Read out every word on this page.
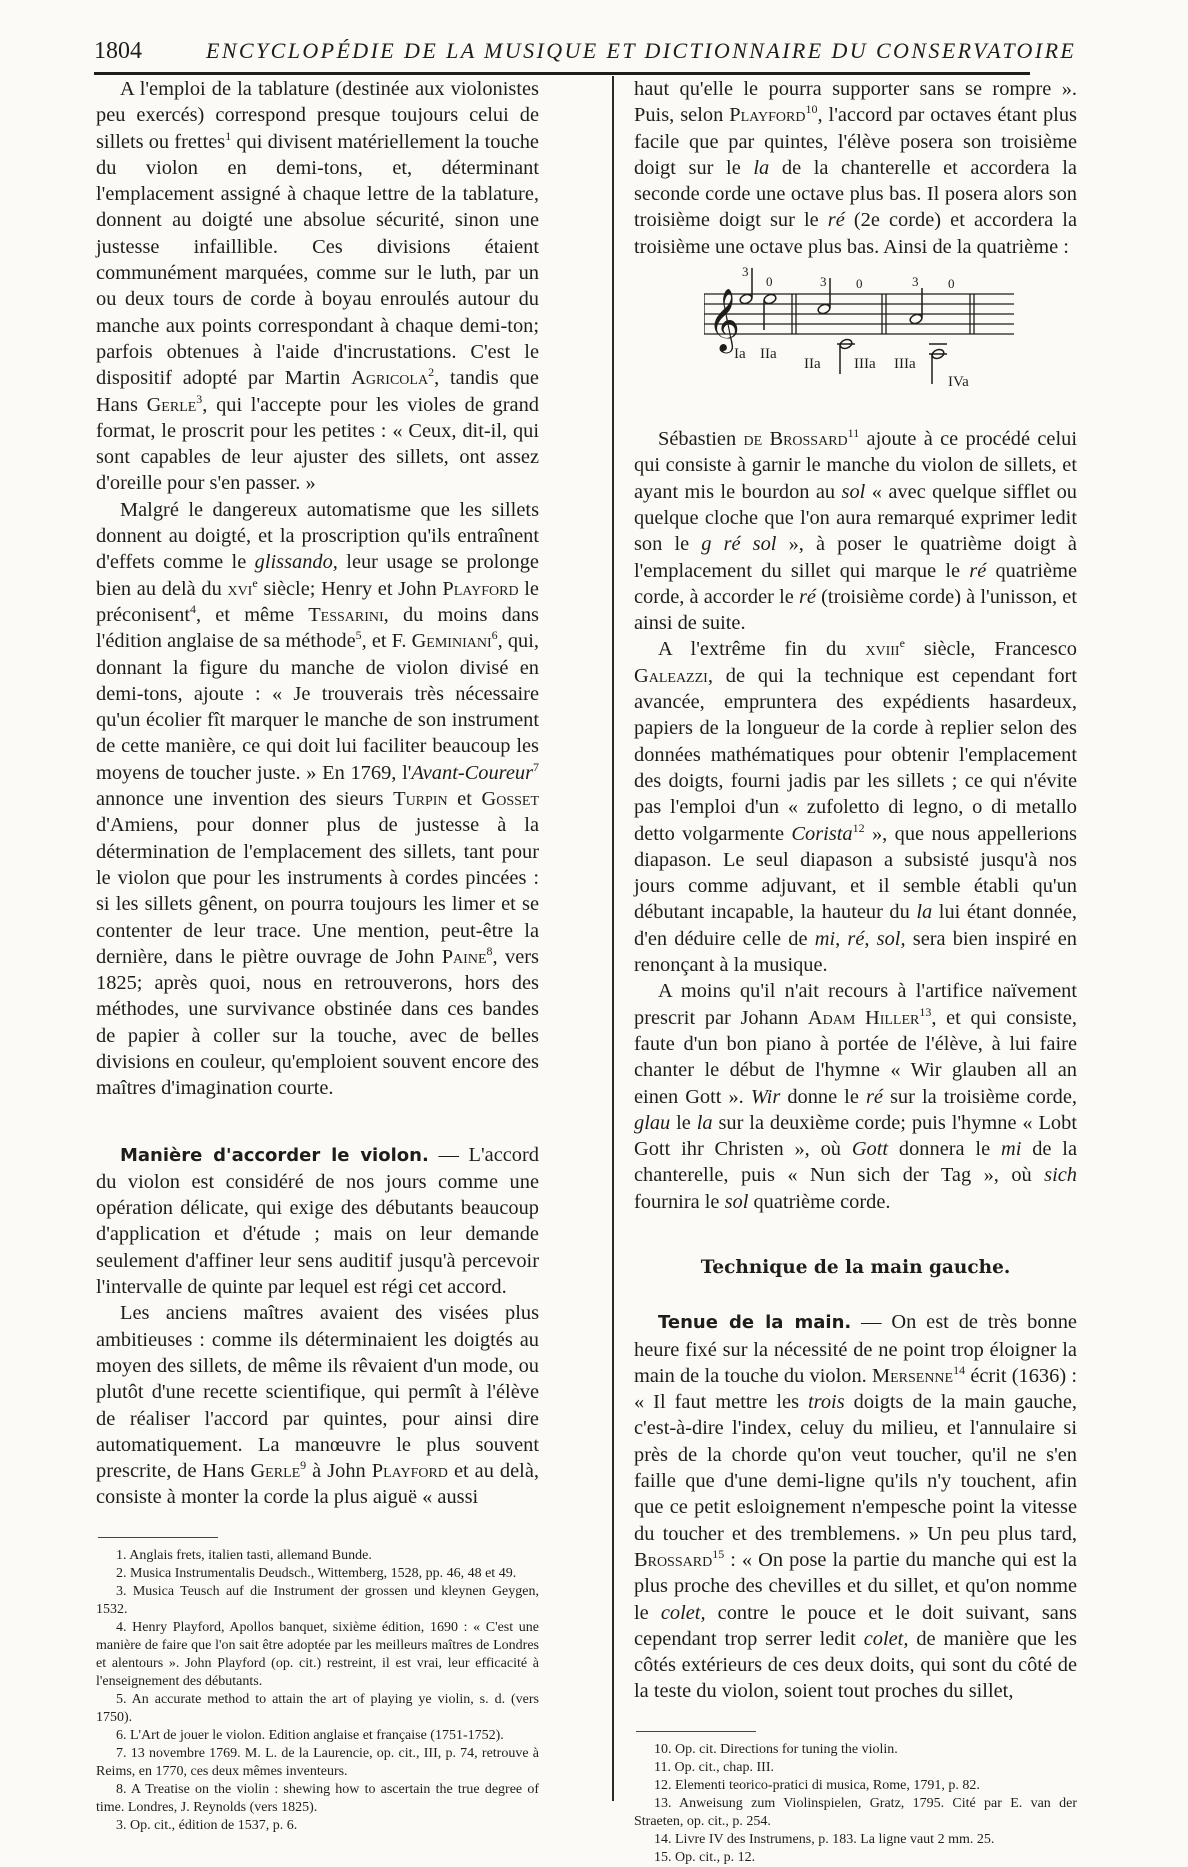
1804	ENCYCLOPÉDIE DE LA MUSIQUE ET DICTIONNAIRE DU CONSERVATOIRE

A l'emploi de la tablature (destinée aux violonistes peu exercés) correspond presque toujours celui de sillets ou frettes$^1$ qui divisent matériellement la touche du violon en demi-tons, et, déterminant l'emplacement assigné à chaque lettre de la tablature, donnent au doigté une absolue sécurité, sinon une justesse infaillible. Ces divisions étaient communément marquées, comme sur le luth, par un ou deux tours de corde à boyau enroulés autour du manche aux points correspondant à chaque demi-ton; parfois obtenues à l'aide d'incrustations. C'est le dispositif adopté par Martin Agricola$^2$, tandis que Hans Gerle$^3$, qui l'accepte pour les violes de grand format, le proscrit pour les petites : « Ceux, dit-il, qui sont capables de leur ajuster des sillets, ont assez d'oreille pour s'en passer. »

Malgré le dangereux automatisme que les sillets donnent au doigté, et la proscription qu'ils entraînent d'effets comme le glissando, leur usage se prolonge bien au delà du xvi$^e$ siècle; Henry et John Playford le préconisent$^4$, et même Tessarini, du moins dans l'édition anglaise de sa méthode$^5$, et F. Geminiani$^6$, qui, donnant la figure du manche de violon divisé en demi-tons, ajoute : « Je trouverais très nécessaire qu'un écolier fît marquer le manche de son instrument de cette manière, ce qui doit lui faciliter beaucoup les moyens de toucher juste. » En 1769, l'Avant-Coureur$^7$ annonce une invention des sieurs Turpin et Gosset d'Amiens, pour donner plus de justesse à la détermination de l'emplacement des sillets, tant pour le violon que pour les instruments à cordes pincées : si les sillets gênent, on pourra toujours les limer et se contenter de leur trace. Une mention, peut-être la dernière, dans le piètre ouvrage de John Paine$^8$, vers 1825; après quoi, nous en retrouverons, hors des méthodes, une survivance obstinée dans ces bandes de papier à coller sur la touche, avec de belles divisions en couleur, qu'emploient souvent encore des maîtres d'imagination courte.

Manière d'accorder le violon. — L'accord du violon est considéré de nos jours comme une opération délicate, qui exige des débutants beaucoup d'application et d'étude ; mais on leur demande seulement d'affiner leur sens auditif jusqu'à percevoir l'intervalle de quinte par lequel est régi cet accord.

Les anciens maîtres avaient des visées plus ambitieuses : comme ils déterminaient les doigtés au moyen des sillets, de même ils rêvaient d'un mode, ou plutôt d'une recette scientifique, qui permît à l'élève de réaliser l'accord par quintes, pour ainsi dire automatiquement. La manœuvre le plus souvent prescrite, de Hans Gerle$^9$ à John Playford et au delà, consiste à monter la corde la plus aiguë « aussi

1. Anglais frets, italien tasti, allemand Bunde.

2. Musica Instrumentalis Deudsch., Wittemberg, 1528, pp. 46, 48 et 49.

3. Musica Teusch auf die Instrument der grossen und kleynen Geygen, 1532.

4. Henry Playford, Apollos banquet, sixième édition, 1690 : « C'est une manière de faire que l'on sait être adoptée par les meilleurs maîtres de Londres et alentours ». John Playford (op. cit.) restreint, il est vrai, leur efficacité à l'enseignement des débutants.

5. An accurate method to attain the art of playing ye violin, s. d. (vers 1750).

6. L'Art de jouer le violon. Edition anglaise et française (1751-1752).

7. 13 novembre 1769. M. L. de la Laurencie, op. cit., III, p. 74, retrouve à Reims, en 1770, ces deux mêmes inventeurs.

8. A Treatise on the violin : shewing how to ascertain the true degree of time. Londres, J. Reynolds (vers 1825).

3. Op. cit., édition de 1537, p. 6.

haut qu'elle le pourra supporter sans se rompre ». Puis, selon Playford$^{10}$, l'accord par octaves étant plus facile que par quintes, l'élève posera son troisième doigt sur le la de la chanterelle et accordera la seconde corde une octave plus bas. Il posera alors son troisième doigt sur le ré (2e corde) et accordera la troisième une octave plus bas. Ainsi de la quatrième :

𝄞
3
0	3 0	3 0
Ia IIa
IIa IIIa IIIa
IVa

Sébastien de Brossard$^{11}$ ajoute à ce procédé celui qui consiste à garnir le manche du violon de sillets, et ayant mis le bourdon au sol « avec quelque sifflet ou quelque cloche que l'on aura remarqué exprimer ledit son le g ré sol », à poser le quatrième doigt à l'emplacement du sillet qui marque le ré quatrième corde, à accorder le ré (troisième corde) à l'unisson, et ainsi de suite.

A l'extrême fin du xviii$^e$ siècle, Francesco Galeazzi, de qui la technique est cependant fort avancée, empruntera des expédients hasardeux, papiers de la longueur de la corde à replier selon des données mathématiques pour obtenir l'emplacement des doigts, fourni jadis par les sillets ; ce qui n'évite pas l'emploi d'un « zufoletto di legno, o di metallo detto volgarmente Corista$^{12}$ », que nous appellerions diapason. Le seul diapason a subsisté jusqu'à nos jours comme adjuvant, et il semble établi qu'un débutant incapable, la hauteur du la lui étant donnée, d'en déduire celle de mi, ré, sol, sera bien inspiré en renonçant à la musique.

A moins qu'il n'ait recours à l'artifice naïvement prescrit par Johann Adam Hiller$^{13}$, et qui consiste, faute d'un bon piano à portée de l'élève, à lui faire chanter le début de l'hymne « Wir glauben all an einen Gott ». Wir donne le ré sur la troisième corde, glau le la sur la deuxième corde; puis l'hymne « Lobt Gott ihr Christen », où Gott donnera le mi de la chanterelle, puis « Nun sich der Tag », où sich fournira le sol quatrième corde.

Technique de la main gauche.

Tenue de la main. — On est de très bonne heure fixé sur la nécessité de ne point trop éloigner la main de la touche du violon. Mersenne$^{14}$ écrit (1636) : « Il faut mettre les trois doigts de la main gauche, c'est-à-dire l'index, celuy du milieu, et l'annulaire si près de la chorde qu'on veut toucher, qu'il ne s'en faille que d'une demi-ligne qu'ils n'y touchent, afin que ce petit esloignement n'empesche point la vitesse du toucher et des tremblemens. » Un peu plus tard, Brossard$^{15}$ : « On pose la partie du manche qui est la plus proche des chevilles et du sillet, et qu'on nomme le colet, contre le pouce et le doit suivant, sans cependant trop serrer ledit colet, de manière que les côtés extérieurs de ces deux doits, qui sont du côté de la teste du violon, soient tout proches du sillet,

10. Op. cit. Directions for tuning the violin.

11. Op. cit., chap. III.

12. Elementi teorico-pratici di musica, Rome, 1791, p. 82.

13. Anweisung zum Violinspielen, Gratz, 1795. Cité par E. van der Straeten, op. cit., p. 254.

14. Livre IV des Instrumens, p. 183. La ligne vaut 2 mm. 25.

15. Op. cit., p. 12.
